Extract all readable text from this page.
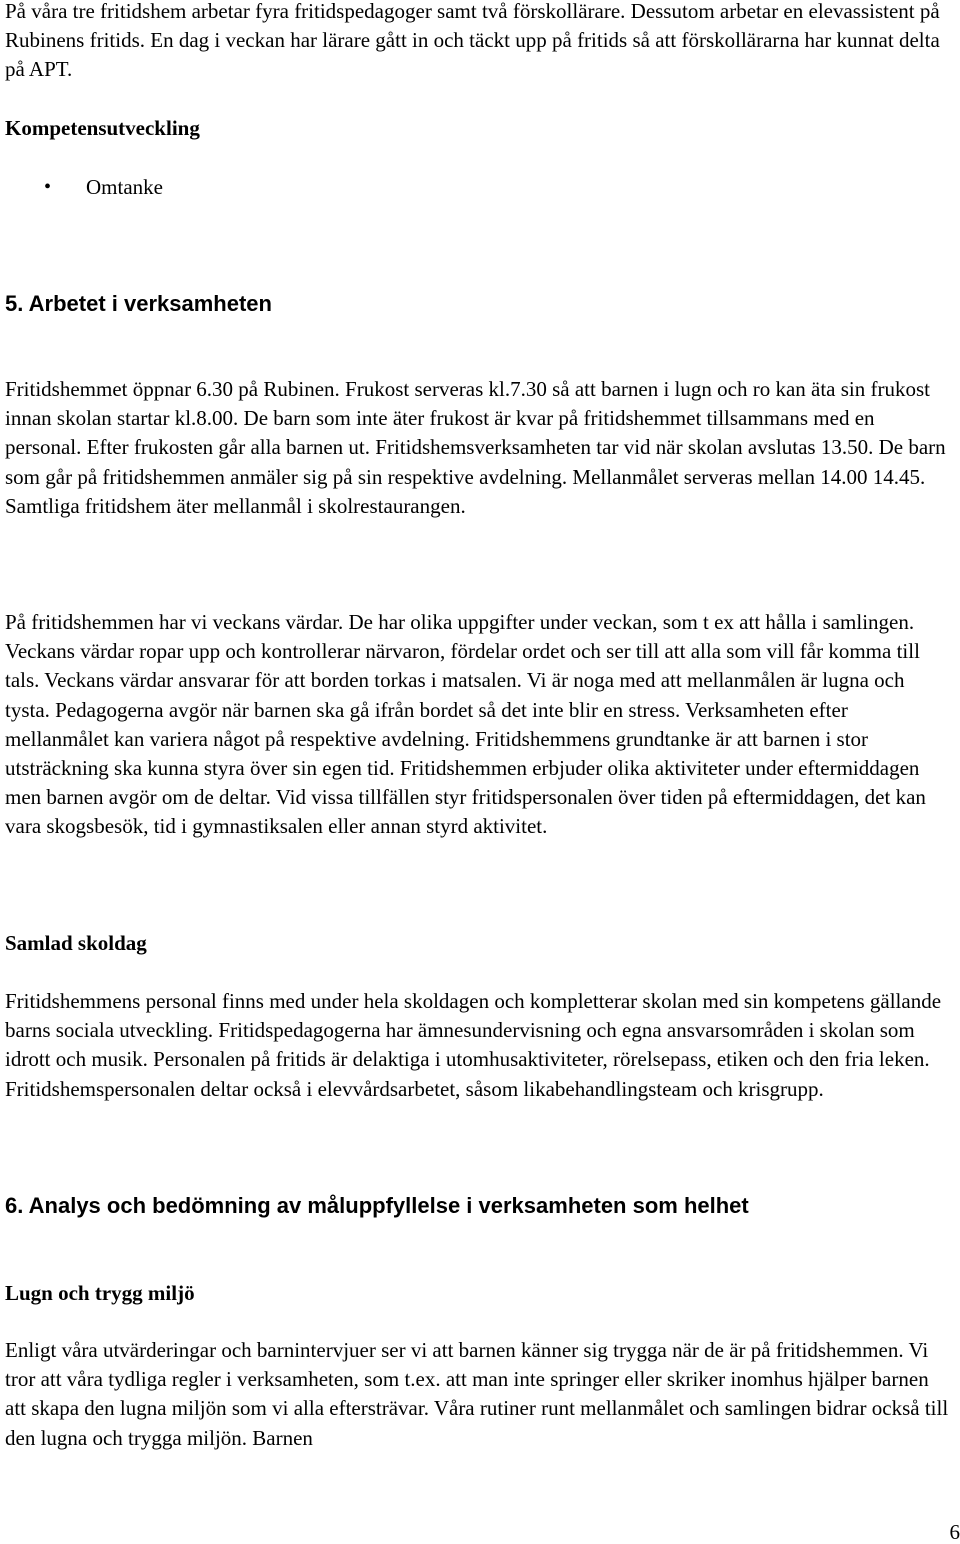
På våra tre fritidshem arbetar fyra fritidspedagoger samt två förskollärare. Dessutom arbetar en elevassistent på Rubinens fritids. En dag i veckan har lärare gått in och täckt upp på fritids så att förskollärarna har kunnat delta på APT.

Kompetensutveckling

• Omtanke
5. Arbetet i verksamheten

Fritidshemmet öppnar 6.30 på Rubinen. Frukost serveras kl.7.30 så att barnen i lugn och ro kan äta sin frukost innan skolan startar kl.8.00. De barn som inte äter frukost är kvar på fritidshemmet tillsammans med en personal. Efter frukosten går alla barnen ut. Fritidshemsverksamheten tar vid när skolan avslutas 13.50. De barn som går på fritidshemmen anmäler sig på sin respektive avdelning. Mellanmålet serveras mellan 14.00 14.45. Samtliga fritidshem äter mellanmål i skolrestaurangen.

På fritidshemmen har vi veckans värdar. De har olika uppgifter under veckan, som t ex att hålla i samlingen. Veckans värdar ropar upp och kontrollerar närvaron, fördelar ordet och ser till att alla som vill får komma till tals. Veckans värdar ansvarar för att borden torkas i matsalen. Vi är noga med att mellanmålen är lugna och tysta. Pedagogerna avgör när barnen ska gå ifrån bordet så det inte blir en stress. Verksamheten efter mellanmålet kan variera något på respektive avdelning. Fritidshemmens grundtanke är att barnen i stor utsträckning ska kunna styra över sin egen tid. Fritidshemmen erbjuder olika aktiviteter under eftermiddagen men barnen avgör om de deltar. Vid vissa tillfällen styr fritidspersonalen över tiden på eftermiddagen, det kan vara skogsbesök, tid i gymnastiksalen eller annan styrd aktivitet.

Samlad skoldag

Fritidshemmens personal finns med under hela skoldagen och kompletterar skolan med sin kompetens gällande barns sociala utveckling. Fritidspedagogerna har ämnesundervisning och egna ansvarsområden i skolan som idrott och musik. Personalen på fritids är delaktiga i utomhusaktiviteter, rörelsepass, etiken och den fria leken. Fritidshemspersonalen deltar också i elevvårdsarbetet, såsom likabehandlingsteam och krisgrupp.

6. Analys och bedömning av måluppfyllelse i verksamheten som helhet

Lugn och trygg miljö

Enligt våra utvärderingar och barnintervjuer ser vi att barnen känner sig trygga när de är på fritidshemmen. Vi tror att våra tydliga regler i verksamheten, som t.ex. att man inte springer eller skriker inomhus hjälper barnen att skapa den lugna miljön som vi alla eftersträvar. Våra rutiner runt mellanmålet och samlingen bidrar också till den lugna och trygga miljön. Barnen

6
